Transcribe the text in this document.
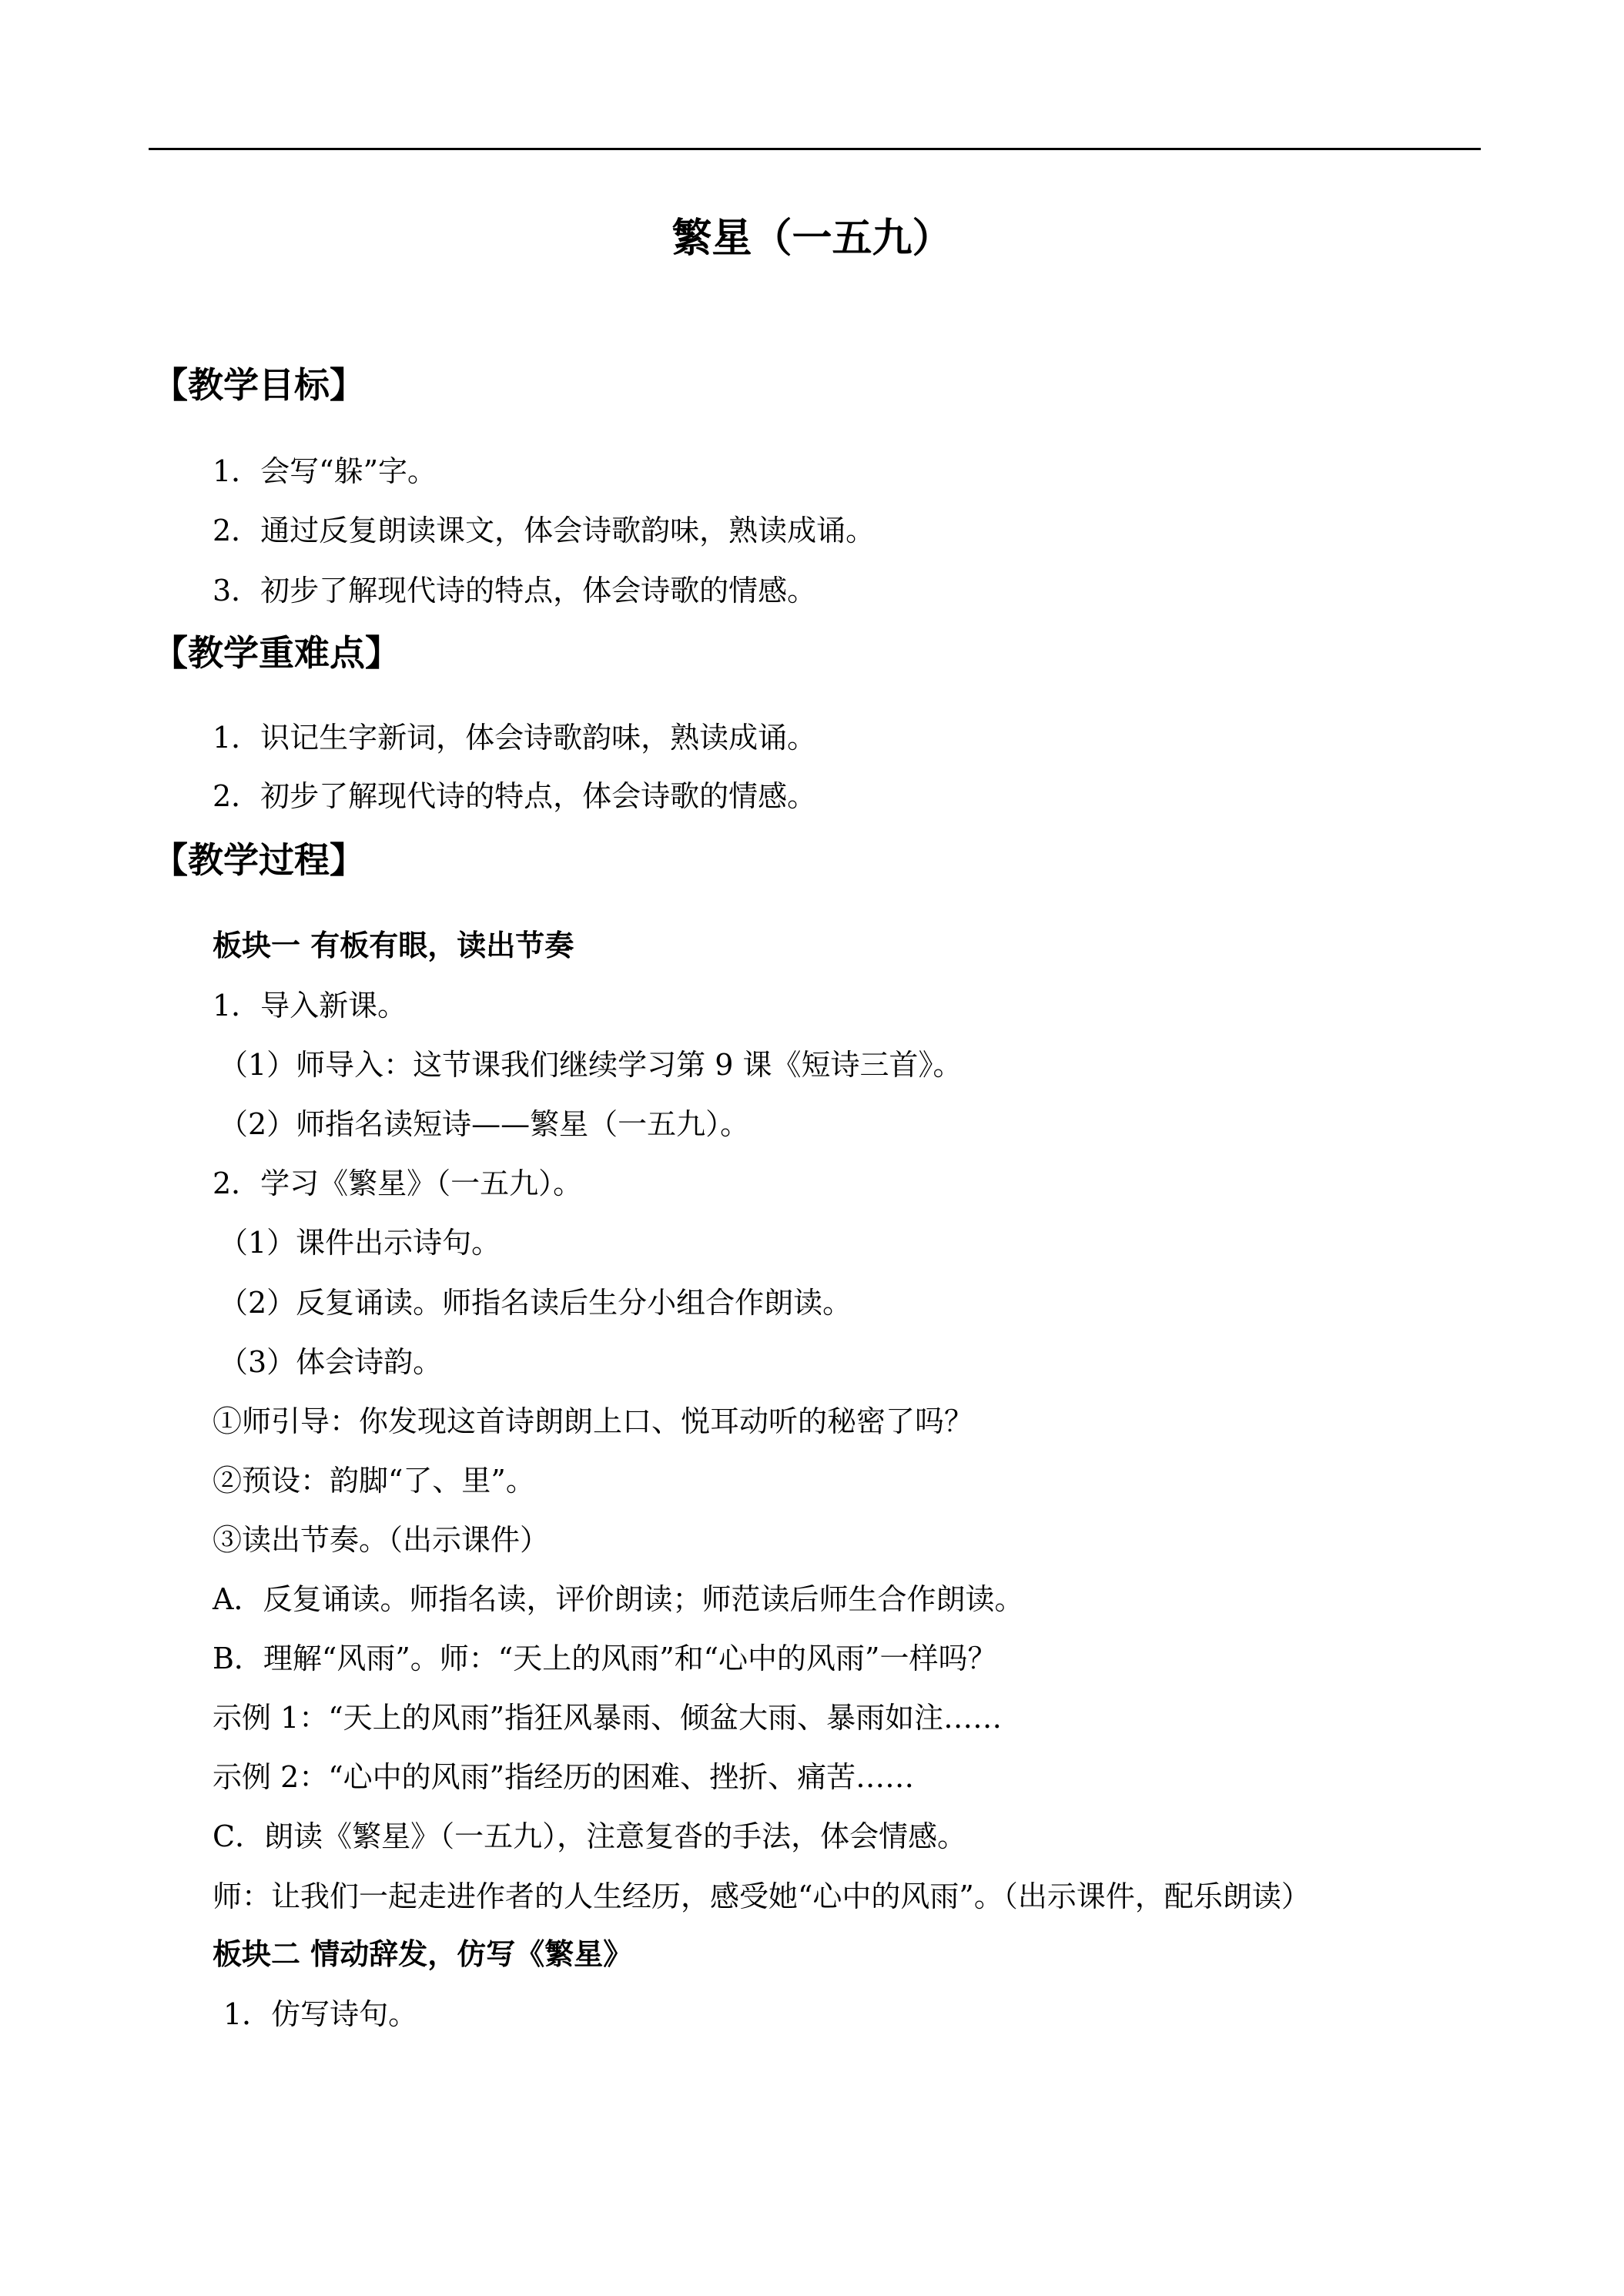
繁星（一五九）
【教学目标】
1．会写“躲”字。
2．通过反复朗读课文，体会诗歌韵味，熟读成诵。
3．初步了解现代诗的特点，体会诗歌的情感。
【教学重难点】
1．识记生字新词，体会诗歌韵味，熟读成诵。
2．初步了解现代诗的特点，体会诗歌的情感。
【教学过程】
板块一 有板有眼，读出节奏
1．导入新课。
（1）师导入：这节课我们继续学习第 9 课《短诗三首》。
（2）师指名读短诗——繁星（一五九）。
2．学习《繁星》（一五九）。
（1）课件出示诗句。
（2）反复诵读。师指名读后生分小组合作朗读。
（3）体会诗韵。
①师引导：你发现这首诗朗朗上口、悦耳动听的秘密了吗？
②预设：韵脚“了、里”。
③读出节奏。（出示课件）
A．反复诵读。师指名读，评价朗读；师范读后师生合作朗读。
B．理解“风雨”。师：“天上的风雨”和“心中的风雨”一样吗？
示例 1：“天上的风雨”指狂风暴雨、倾盆大雨、暴雨如注……
示例 2：“心中的风雨”指经历的困难、挫折、痛苦……
C．朗读《繁星》（一五九），注意复沓的手法，体会情感。
师：让我们一起走进作者的人生经历，感受她“心中的风雨”。（出示课件，配乐朗读）
板块二 情动辞发，仿写《繁星》
1．仿写诗句。
